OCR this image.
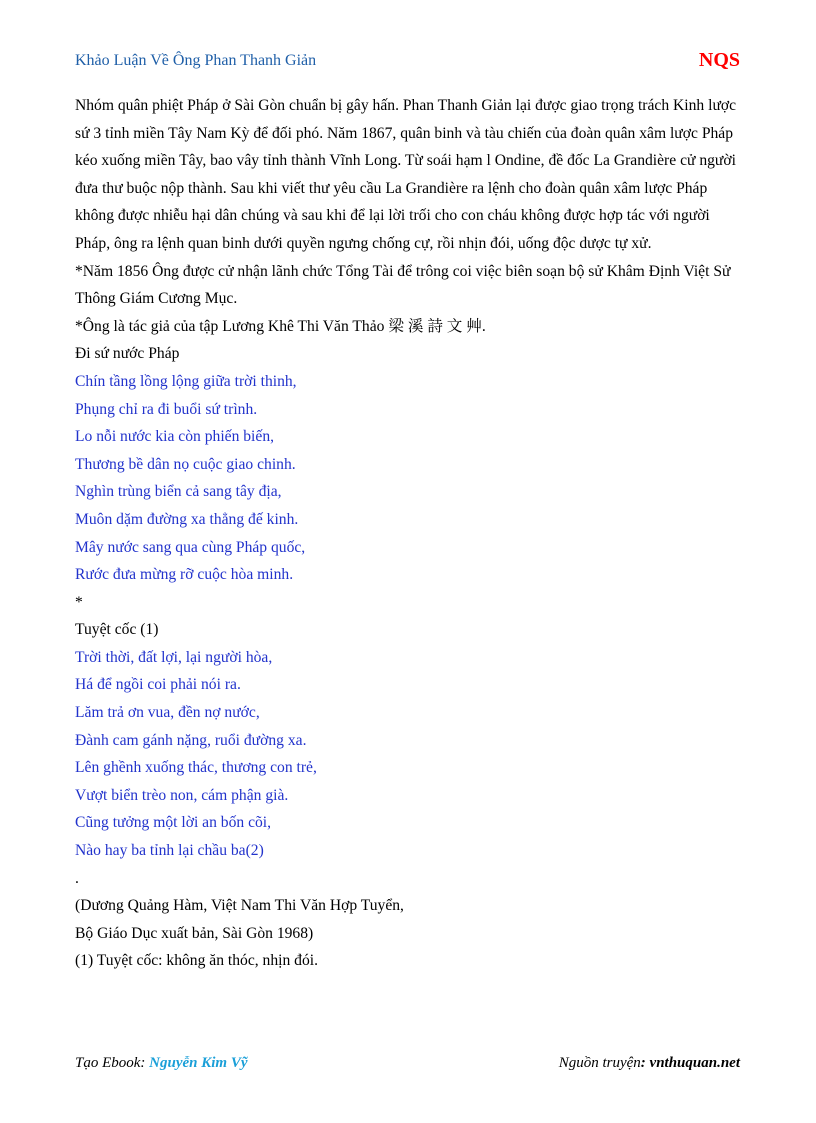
Khảo Luận Về Ông Phan Thanh Giản	NQS

Nhóm quân phiệt Pháp ở Sài Gòn chuẩn bị gây hấn. Phan Thanh Giản lại được giao trọng trách Kinh lược sứ 3 tỉnh miền Tây Nam Kỳ để đối phó. Năm 1867, quân binh và tàu chiến của đoàn quân xâm lược Pháp kéo xuống miền Tây, bao vây tỉnh thành Vĩnh Long. Từ soái hạm l Ondine, đề đốc La Grandière cử người đưa thư buộc nộp thành. Sau khi viết thư yêu cầu La Grandière ra lệnh cho đoàn quân xâm lược Pháp không được nhiễu hại dân chúng và sau khi để lại lời trối cho con cháu không được hợp tác với người Pháp, ông ra lệnh quan binh dưới quyền ngưng chống cự, rồi nhịn đói, uống độc dược tự xử.

*Năm 1856 Ông được cử nhận lãnh chức Tổng Tài để trông coi việc biên soạn bộ sử Khâm Định Việt Sử Thông Giám Cương Mục.

*Ông là tác giả của tập Lương Khê Thi Văn Thảo 梁 溪 詩 文 艸.

Đi sứ nước Pháp

Chín tầng lồng lộng giữa trời thinh,

Phụng chỉ ra đi buổi sứ trình.

Lo nỗi nước kia còn phiến biến,

Thương bề dân nọ cuộc giao chinh.

Nghìn trùng biển cả sang tây địa,

Muôn dặm đường xa thẳng đế kinh.

Mây nước sang qua cùng Pháp quốc,

Rước đưa mừng rỡ cuộc hòa minh.

*

Tuyệt cốc (1)

Trời thời, đất lợi, lại người hòa,

Há để ngồi coi phải nói ra.

Lăm trả ơn vua, đền nợ nước,

Đành cam gánh nặng, ruổi đường xa.

Lên ghềnh xuống thác, thương con trẻ,

Vượt biển trèo non, cám phận già.

Cũng tưởng một lời an bốn cõi,

Nào hay ba tỉnh lại chầu ba(2)

.

(Dương Quảng Hàm, Việt Nam Thi Văn Hợp Tuyển,

Bộ Giáo Dục xuất bản, Sài Gòn 1968)

(1) Tuyệt cốc: không ăn thóc, nhịn đói.

Tạo Ebook: Nguyễn Kim Vỹ	Nguồn truyện: vnthuquan.net
